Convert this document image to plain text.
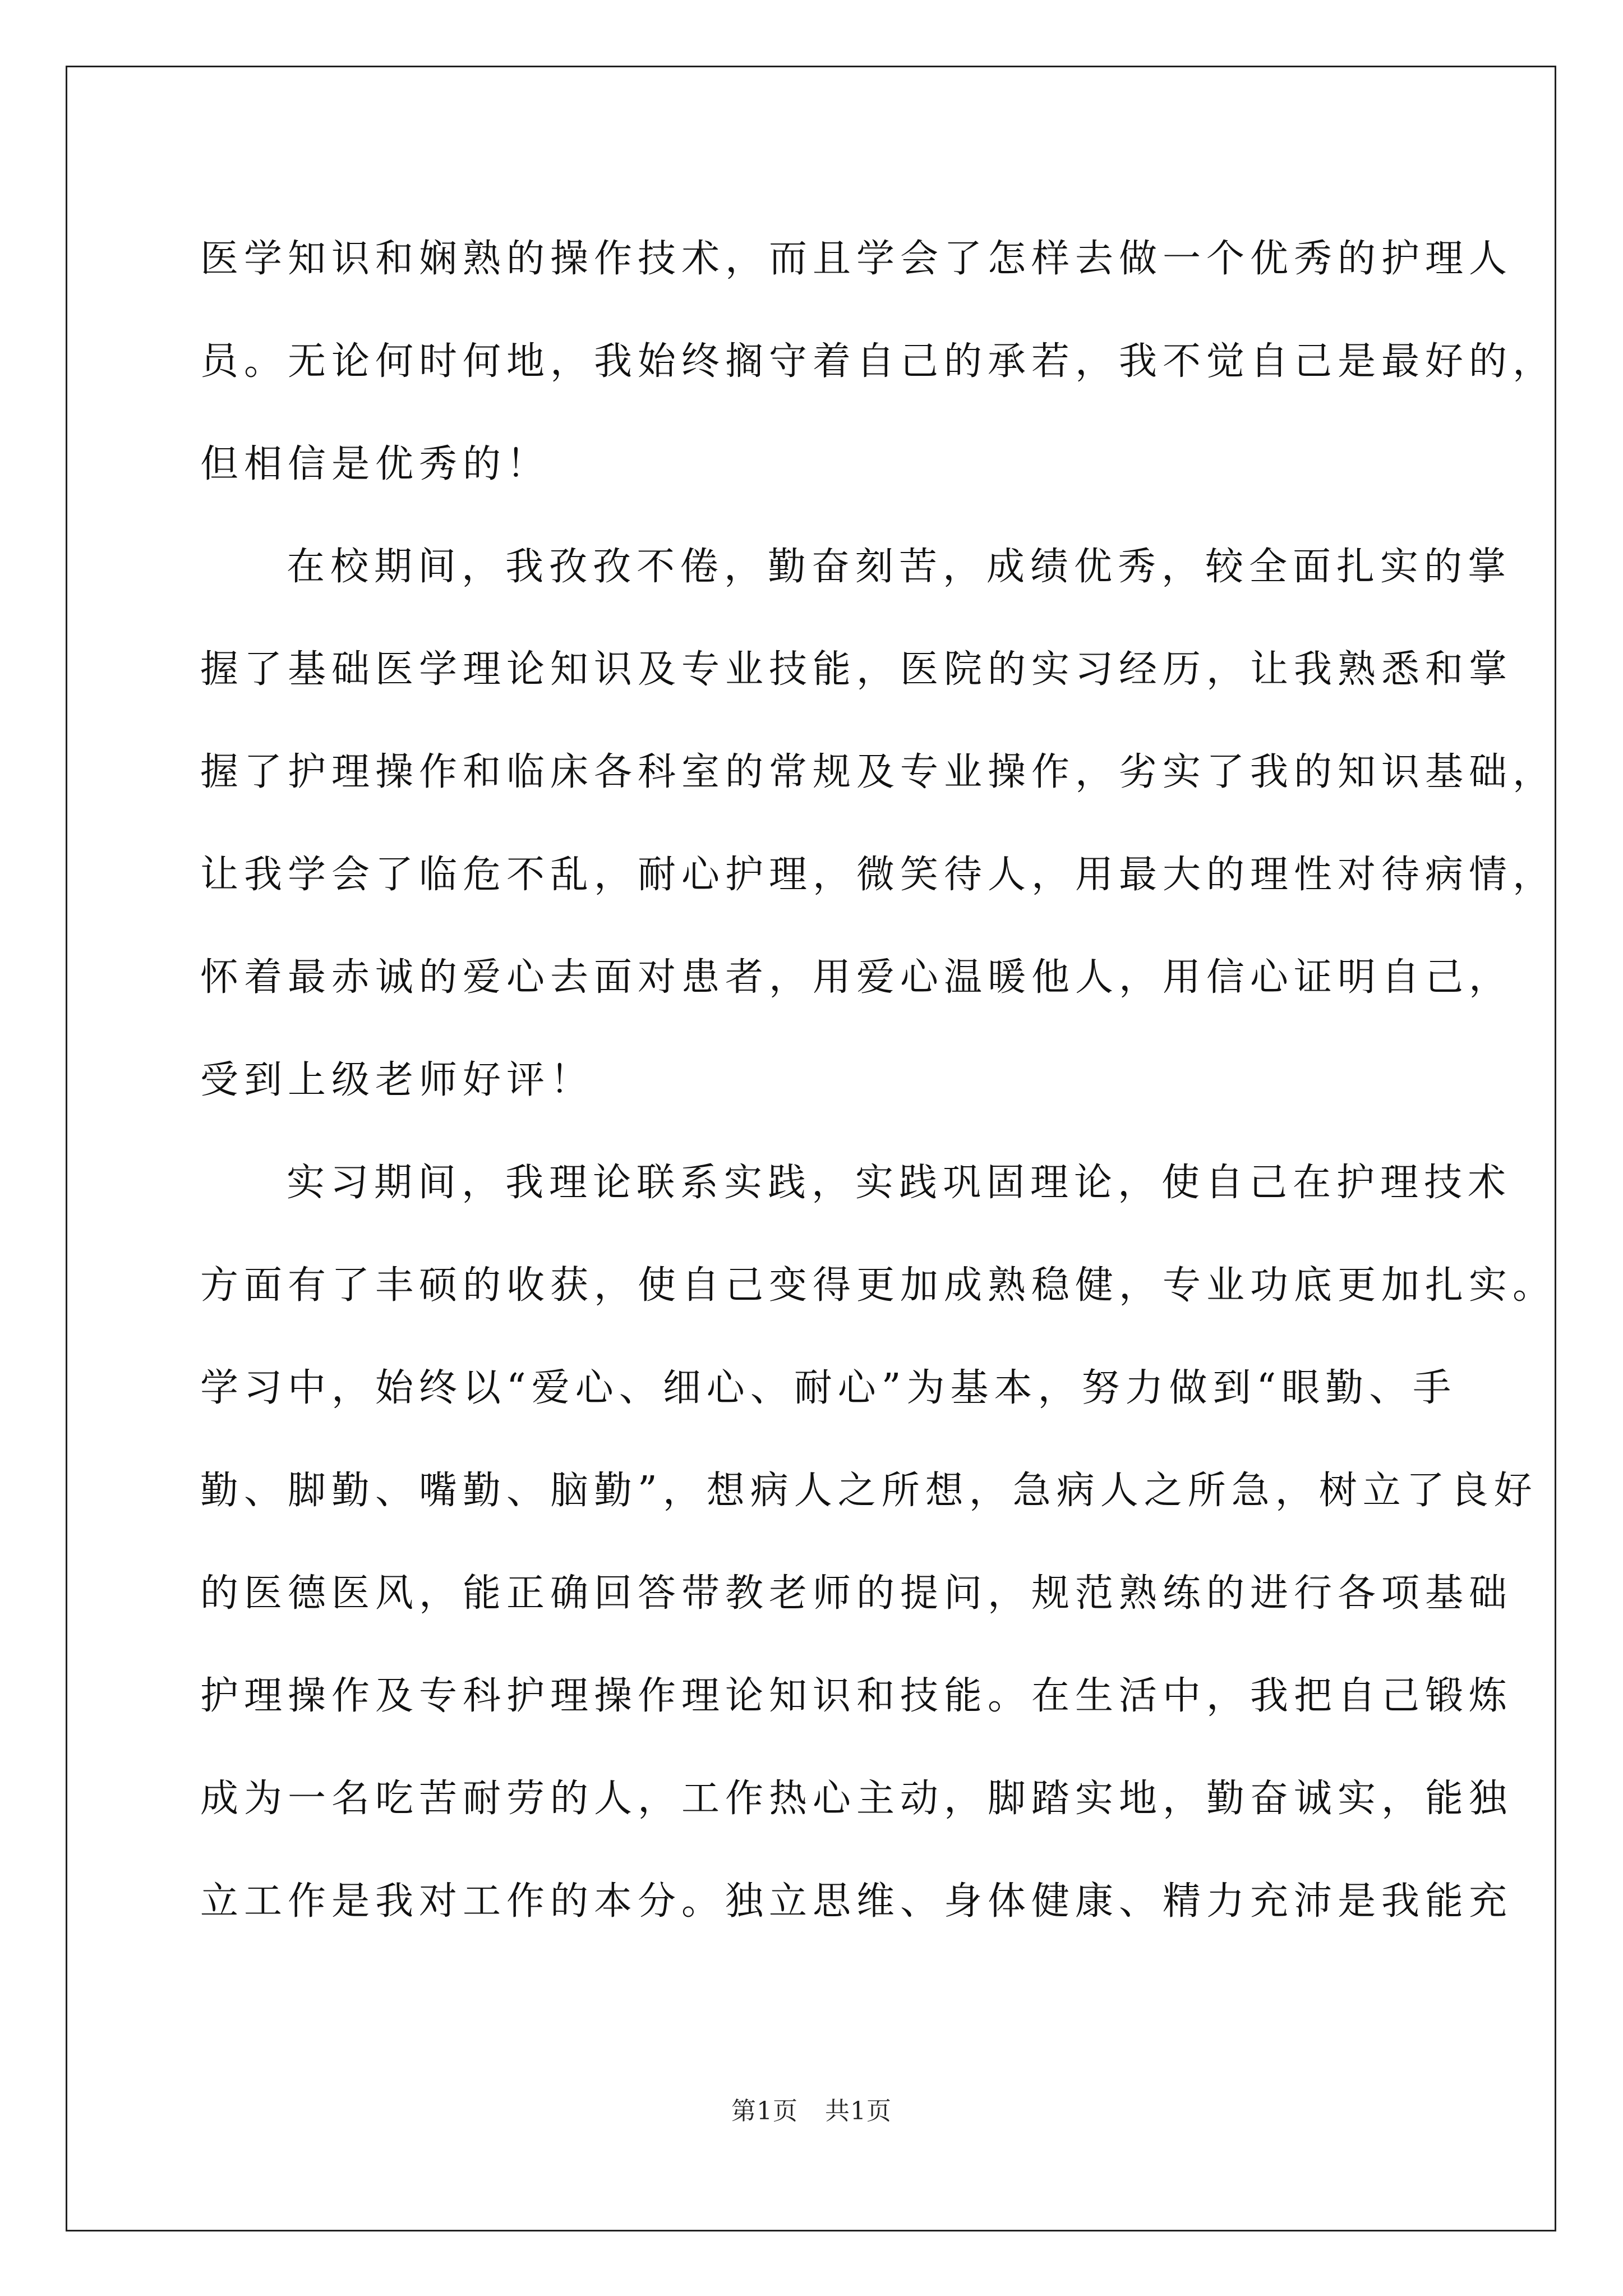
医学知识和娴熟的操作技术，而且学会了怎样去做一个优秀的护理人
员。无论何时何地，我始终搁守着自己的承若，我不觉自己是最好的，
但相信是优秀的！

在校期间，我孜孜不倦，勤奋刻苦，成绩优秀，较全面扎实的掌
握了基础医学理论知识及专业技能，医院的实习经历，让我熟悉和掌
握了护理操作和临床各科室的常规及专业操作，劣实了我的知识基础，
让我学会了临危不乱，耐心护理，微笑待人，用最大的理性对待病情，
怀着最赤诚的爱心去面对患者，用爱心温暖他人，用信心证明自己，
受到上级老师好评！

实习期间，我理论联系实践，实践巩固理论，使自己在护理技术
方面有了丰硕的收获，使自己变得更加成熟稳健，专业功底更加扎实。
学习中，始终以“爱心、细心、耐心”为基本，努力做到“眼勤、手
勤、脚勤、嘴勤、脑勤”，想病人之所想，急病人之所急，树立了良好
的医德医风，能正确回答带教老师的提问，规范熟练的进行各项基础
护理操作及专科护理操作理论知识和技能。在生活中，我把自己锻炼
成为一名吃苦耐劳的人，工作热心主动，脚踏实地，勤奋诚实，能独
立工作是我对工作的本分。独立思维、身体健康、精力充沛是我能充

第1页 共1页
